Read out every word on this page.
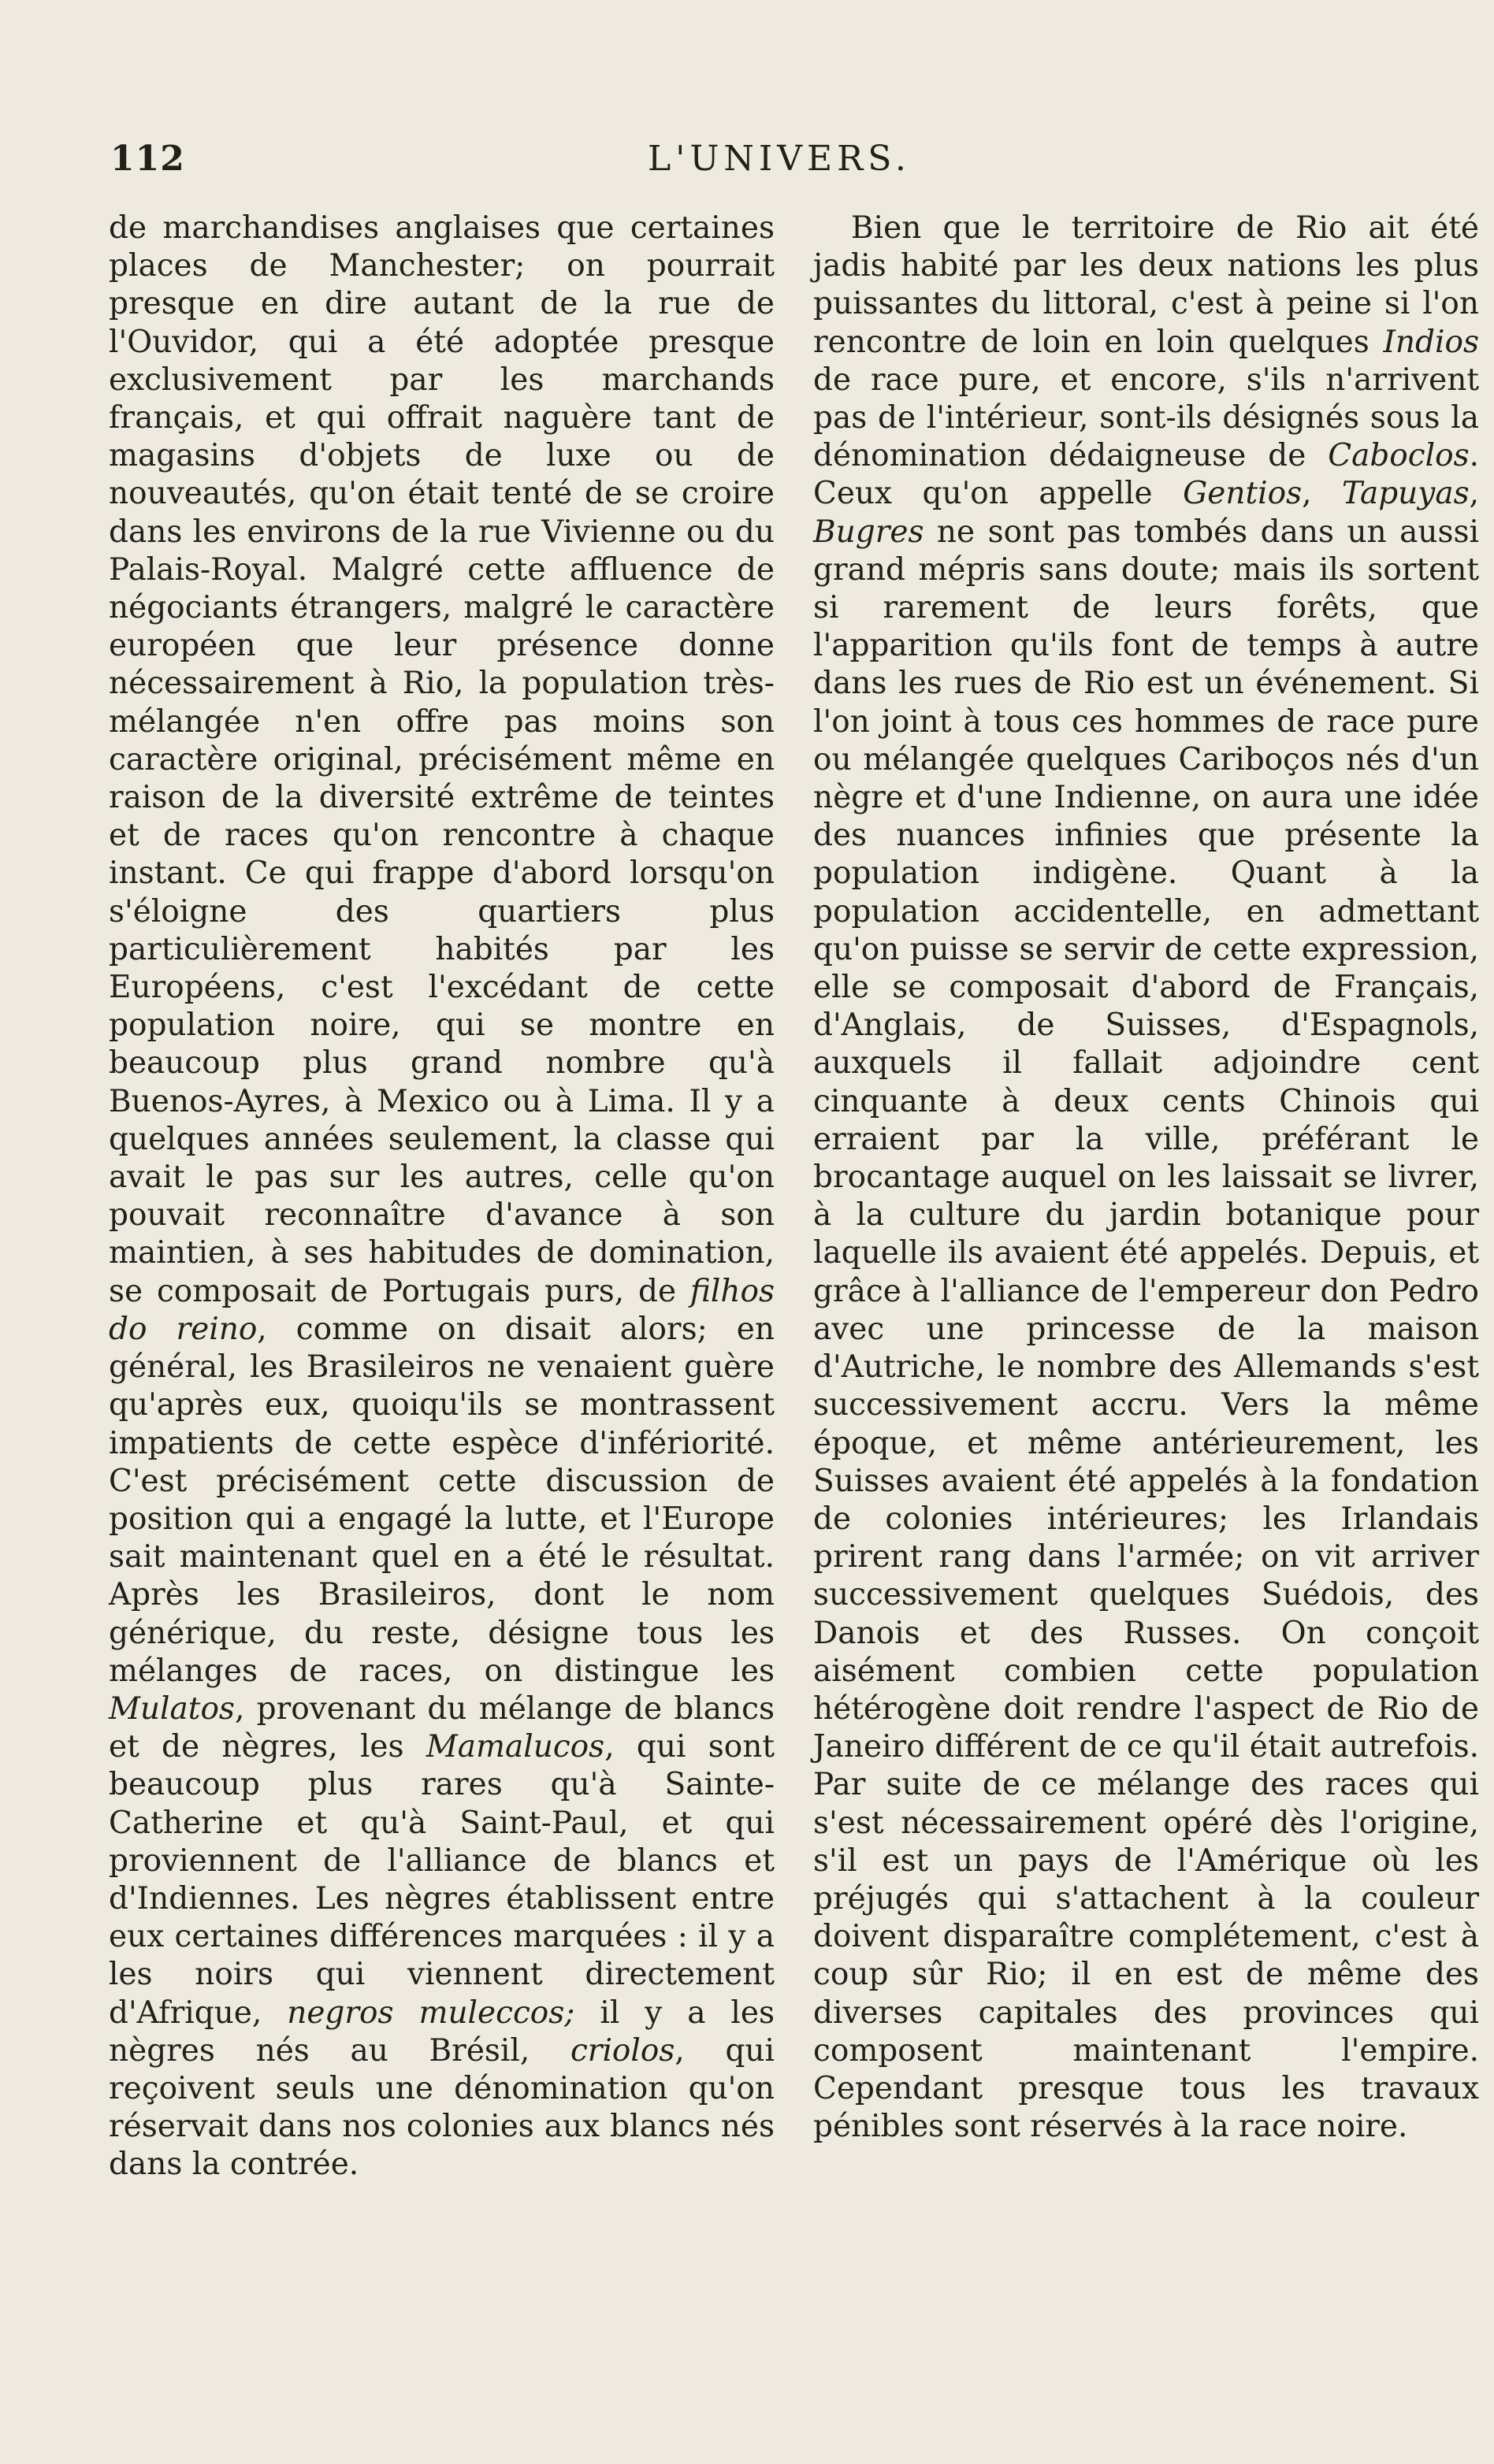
112	L'UNIVERS.

de marchandises anglaises que certaines places de Manchester; on pourrait presque en dire autant de la rue de l'Ouvidor, qui a été adoptée presque exclusivement par les marchands français, et qui offrait naguère tant de magasins d'objets de luxe ou de nouveautés, qu'on était tenté de se croire dans les environs de la rue Vivienne ou du Palais-Royal. Malgré cette affluence de négociants étrangers, malgré le caractère européen que leur présence donne nécessairement à Rio, la population très-mélangée n'en offre pas moins son caractère original, précisément même en raison de la diversité extrême de teintes et de races qu'on rencontre à chaque instant. Ce qui frappe d'abord lorsqu'on s'éloigne des quartiers plus particulièrement habités par les Européens, c'est l'excédant de cette population noire, qui se montre en beaucoup plus grand nombre qu'à Buenos-Ayres, à Mexico ou à Lima. Il y a quelques années seulement, la classe qui avait le pas sur les autres, celle qu'on pouvait reconnaître d'avance à son maintien, à ses habitudes de domination, se composait de Portugais purs, de filhos do reino, comme on disait alors; en général, les Brasileiros ne venaient guère qu'après eux, quoiqu'ils se montrassent impatients de cette espèce d'infériorité. C'est précisément cette discussion de position qui a engagé la lutte, et l'Europe sait maintenant quel en a été le résultat. Après les Brasileiros, dont le nom générique, du reste, désigne tous les mélanges de races, on distingue les Mulatos, provenant du mélange de blancs et de nègres, les Mamalucos, qui sont beaucoup plus rares qu'à Sainte-Catherine et qu'à Saint-Paul, et qui proviennent de l'alliance de blancs et d'Indiennes. Les nègres établissent entre eux certaines différences marquées : il y a les noirs qui viennent directement d'Afrique, negros muleccos; il y a les nègres nés au Brésil, criolos, qui reçoivent seuls une dénomination qu'on réservait dans nos colonies aux blancs nés dans la contrée.

Bien que le territoire de Rio ait été jadis habité par les deux nations les plus puissantes du littoral, c'est à peine si l'on rencontre de loin en loin quelques Indios de race pure, et encore, s'ils n'arrivent pas de l'intérieur, sont-ils désignés sous la dénomination dédaigneuse de Caboclos. Ceux qu'on appelle Gentios, Tapuyas, Bugres ne sont pas tombés dans un aussi grand mépris sans doute; mais ils sortent si rarement de leurs forêts, que l'apparition qu'ils font de temps à autre dans les rues de Rio est un événement. Si l'on joint à tous ces hommes de race pure ou mélangée quelques Cariboços nés d'un nègre et d'une Indienne, on aura une idée des nuances infinies que présente la population indigène. Quant à la population accidentelle, en admettant qu'on puisse se servir de cette expression, elle se composait d'abord de Français, d'Anglais, de Suisses, d'Espagnols, auxquels il fallait adjoindre cent cinquante à deux cents Chinois qui erraient par la ville, préférant le brocantage auquel on les laissait se livrer, à la culture du jardin botanique pour laquelle ils avaient été appelés. Depuis, et grâce à l'alliance de l'empereur don Pedro avec une princesse de la maison d'Autriche, le nombre des Allemands s'est successivement accru. Vers la même époque, et même antérieurement, les Suisses avaient été appelés à la fondation de colonies intérieures; les Irlandais prirent rang dans l'armée; on vit arriver successivement quelques Suédois, des Danois et des Russes. On conçoit aisément combien cette population hétérogène doit rendre l'aspect de Rio de Janeiro différent de ce qu'il était autrefois. Par suite de ce mélange des races qui s'est nécessairement opéré dès l'origine, s'il est un pays de l'Amérique où les préjugés qui s'attachent à la couleur doivent disparaître complétement, c'est à coup sûr Rio; il en est de même des diverses capitales des provinces qui composent maintenant l'empire. Cependant presque tous les travaux pénibles sont réservés à la race noire.
